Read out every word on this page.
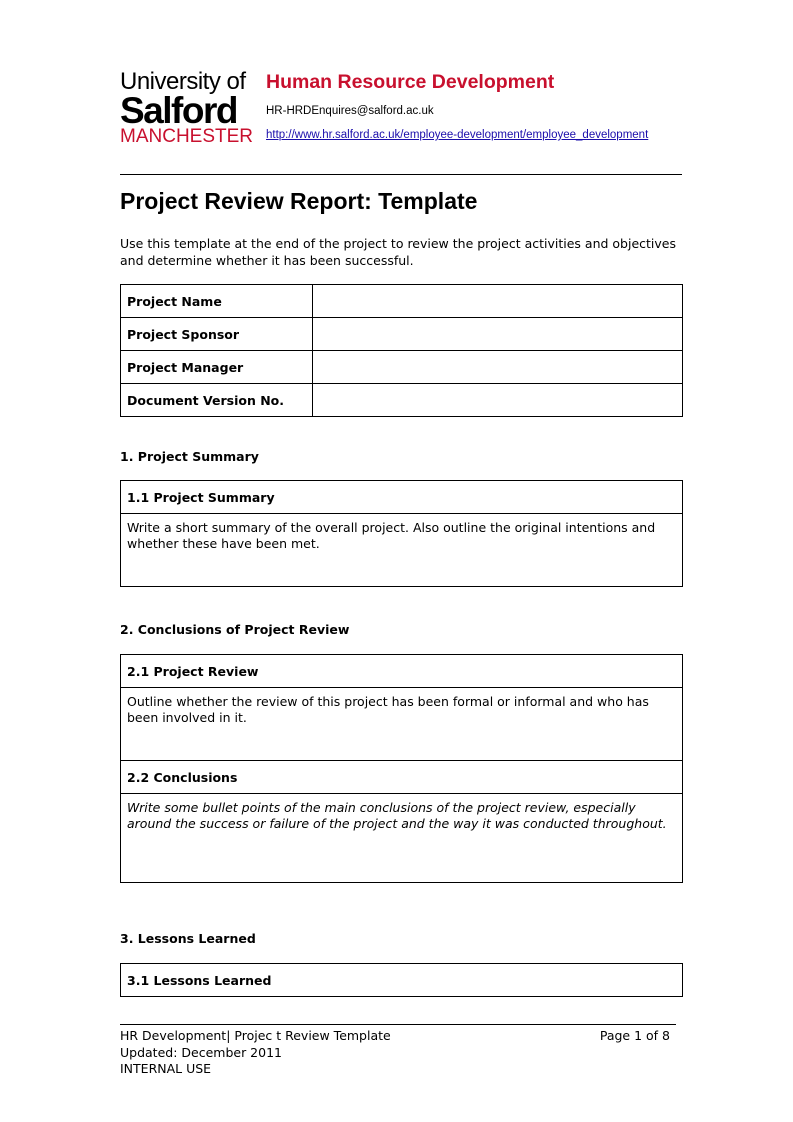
University of
Salford
MANCHESTER
Human Resource Development
HR-HRDEnquires@salford.ac.uk
http://www.hr.salford.ac.uk/employee-development/employee_development
Project Review Report: Template
Use this template at the end of the project to review the project activities and objectives and determine whether it has been successful.
Project Name	
Project Sponsor	
Project Manager	
Document Version No.	
1. Project Summary
1.1 Project Summary
Write a short summary of the overall project. Also outline the original intentions and whether these have been met.
2. Conclusions of Project Review
2.1 Project Review
Outline whether the review of this project has been formal or informal and who has been involved in it.
2.2 Conclusions
Write some bullet points of the main conclusions of the project review, especially around the success or failure of the project and the way it was conducted throughout.
3. Lessons Learned
3.1 Lessons Learned
HR Development| Projec t Review Template
Updated: December 2011
INTERNAL USE
Page 1 of 8
